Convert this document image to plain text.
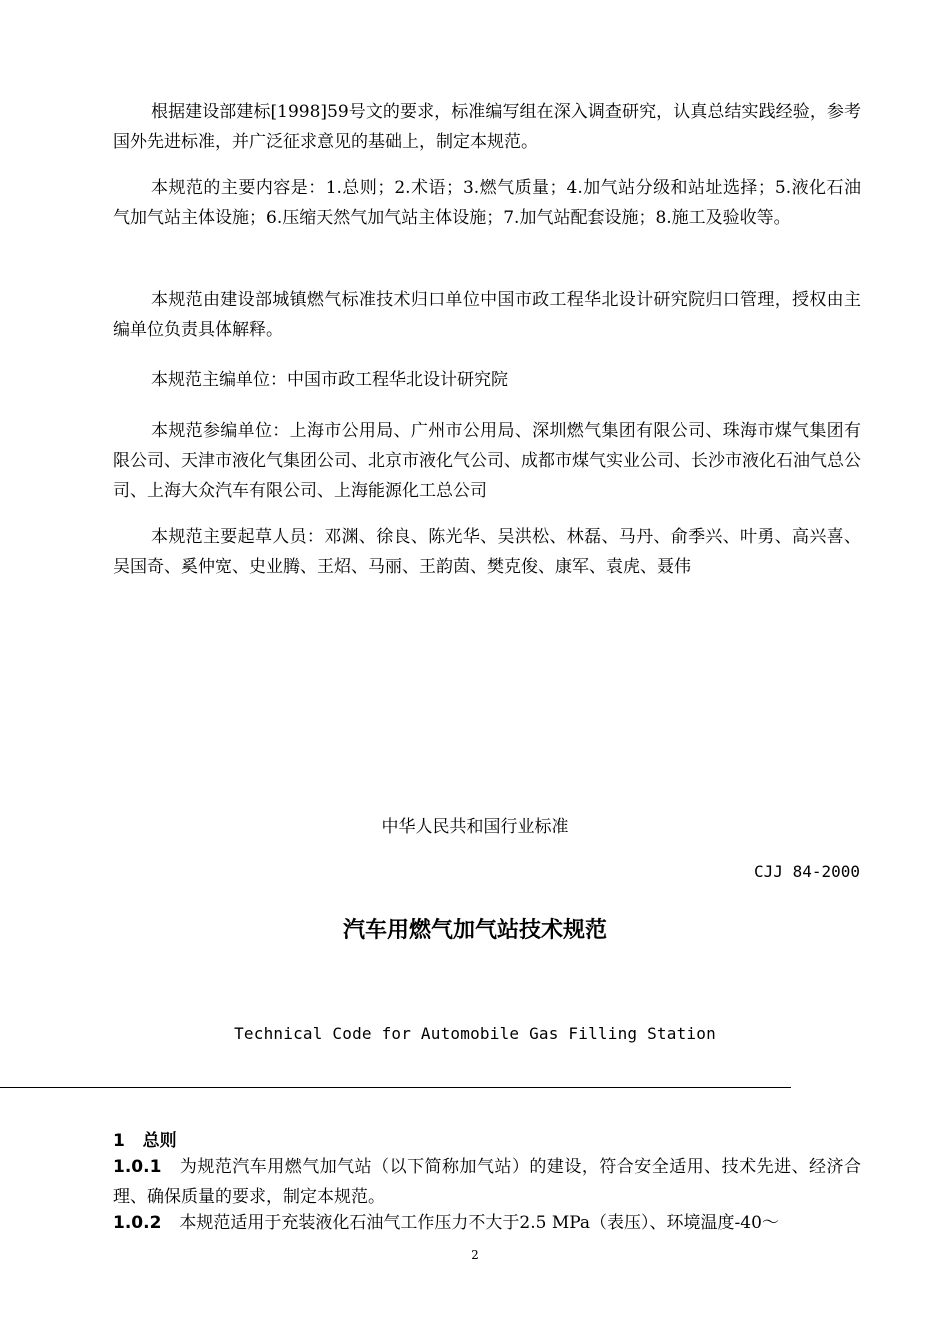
根据建设部建标[1998]59号文的要求，标准编写组在深入调查研究，认真总结实践经验，参考国外先进标准，并广泛征求意见的基础上，制定本规范。

本规范的主要内容是：1.总则；2.术语；3.燃气质量；4.加气站分级和站址选择；5.液化石油气加气站主体设施；6.压缩天然气加气站主体设施；7.加气站配套设施；8.施工及验收等。

本规范由建设部城镇燃气标准技术归口单位中国市政工程华北设计研究院归口管理，授权由主编单位负责具体解释。

本规范主编单位：中国市政工程华北设计研究院

本规范参编单位：上海市公用局、广州市公用局、深圳燃气集团有限公司、珠海市煤气集团有限公司、天津市液化气集团公司、北京市液化气公司、成都市煤气实业公司、长沙市液化石油气总公司、上海大众汽车有限公司、上海能源化工总公司

本规范主要起草人员：邓渊、徐良、陈光华、吴洪松、林磊、马丹、俞季兴、叶勇、高兴喜、吴国奇、奚仲宽、史业腾、王炤、马丽、王韵茵、樊克俊、康军、袁虎、聂伟

中华人民共和国行业标准

CJJ 84-2000

汽车用燃气加气站技术规范

Technical Code for Automobile Gas Filling Station

1 总则

1.0.1 为规范汽车用燃气加气站（以下简称加气站）的建设，符合安全适用、技术先进、经济合理、确保质量的要求，制定本规范。

1.0.2 本规范适用于充装液化石油气工作压力不大于2.5 MPa（表压）、环境温度-40～

2
